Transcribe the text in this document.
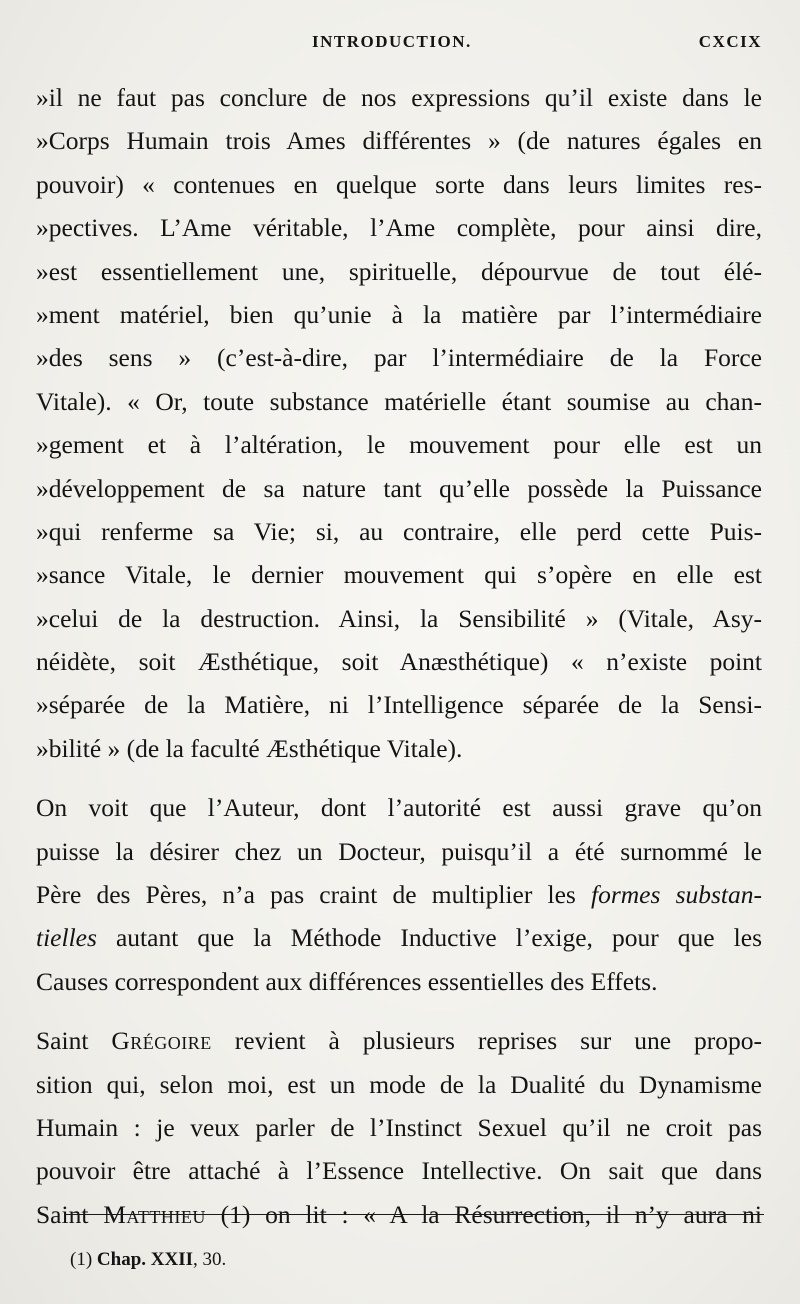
INTRODUCTION.	CXCIX
»il ne faut pas conclure de nos expressions qu’il existe dans le
»Corps Humain trois Ames différentes » (de natures égales en
pouvoir) « contenues en quelque sorte dans leurs limites res-
»pectives. L’Ame véritable, l’Ame complète, pour ainsi dire,
»est essentiellement une, spirituelle, dépourvue de tout élé-
»ment matériel, bien qu’unie à la matière par l’intermédiaire
»des sens » (c’est-à-dire, par l’intermédiaire de la Force
Vitale). « Or, toute substance matérielle étant soumise au chan-
»gement et à l’altération, le mouvement pour elle est un
»développement de sa nature tant qu’elle possède la Puissance
»qui renferme sa Vie; si, au contraire, elle perd cette Puis-
»sance Vitale, le dernier mouvement qui s’opère en elle est
»celui de la destruction. Ainsi, la Sensibilité » (Vitale, Asy-
néidète, soit Æsthétique, soit Anæsthétique) « n’existe point
»séparée de la Matière, ni l’Intelligence séparée de la Sensi-
»bilité » (de la faculté Æsthétique Vitale).
On voit que l’Auteur, dont l’autorité est aussi grave qu’on
puisse la désirer chez un Docteur, puisqu’il a été surnommé le
Père des Pères, n’a pas craint de multiplier les formes substan-
tielles autant que la Méthode Inductive l’exige, pour que les
Causes correspondent aux différences essentielles des Effets.
Saint Grégoire revient à plusieurs reprises sur une propo-
sition qui, selon moi, est un mode de la Dualité du Dynamisme
Humain : je veux parler de l’Instinct Sexuel qu’il ne croit pas
pouvoir être attaché à l’Essence Intellective. On sait que dans
Saint Matthieu (1) on lit : « A la Résurrection, il n’y aura ni
(1) Chap. XXII, 30.
